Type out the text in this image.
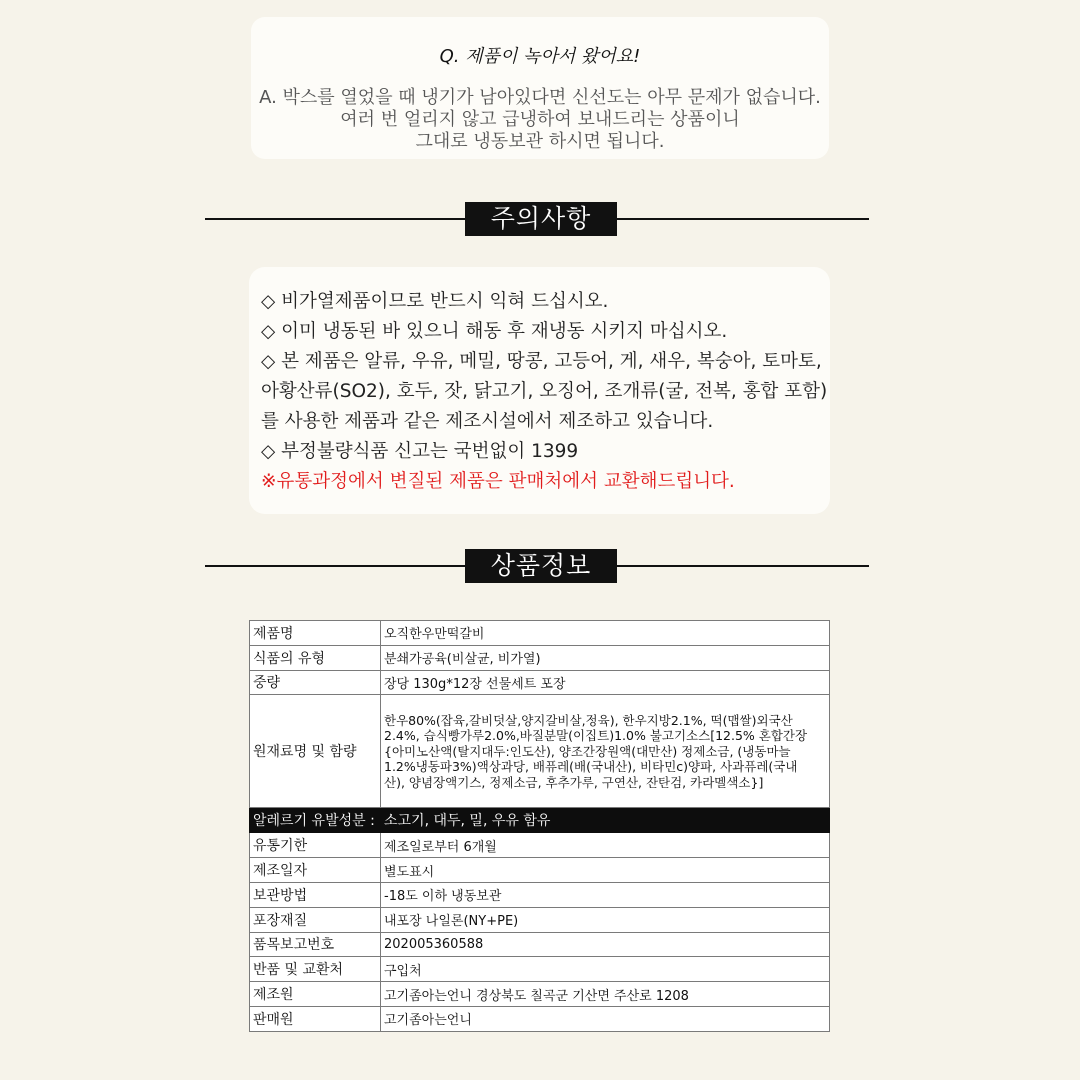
Q. 제품이 녹아서 왔어요!
A. 박스를 열었을 때 냉기가 남아있다면 신선도는 아무 문제가 없습니다.
여러 번 얼리지 않고 급냉하여 보내드리는 상품이니
그대로 냉동보관 하시면 됩니다.
주의사항
◇ 비가열제품이므로 반드시 익혀 드십시오.
◇ 이미 냉동된 바 있으니 해동 후 재냉동 시키지 마십시오.
◇ 본 제품은 알류, 우유, 메밀, 땅콩, 고등어, 게, 새우, 복숭아, 토마토,
아황산류(SO2), 호두, 잣, 닭고기, 오징어, 조개류(굴, 전복, 홍합 포함)
를 사용한 제품과 같은 제조시설에서 제조하고 있습니다.
◇ 부정불량식품 신고는 국번없이 1399
※유통과정에서 변질된 제품은 판매처에서 교환해드립니다.
상품정보
제품명	오직한우만떡갈비
식품의 유형	분쇄가공육(비살균, 비가열)
중량	장당 130g*12장 선물세트 포장
원재료명 및 함량	한우80%(잡육,갈비덧살,양지갈비살,정육), 한우지방2.1%, 떡(맵쌀)외국산2.4%, 습식빵가루2.0%,바질분말(이집트)1.0% 불고기소스[12.5% 혼합간장{아미노산액(탈지대두:인도산), 양조간장원액(대만산) 정제소금, (냉동마늘1.2%냉동파3%)액상과당, 배퓨레(배(국내산), 비타민c)양파, 사과퓨레(국내산), 양념장액기스, 정제소금, 후추가루, 구연산, 잔탄검, 카라멜색소}]
알레르기 유발성분 :	소고기, 대두, 밀, 우유 함유
유통기한	제조일로부터 6개월
제조일자	별도표시
보관방법	-18도 이하 냉동보관
포장재질	내포장 나일론(NY+PE)
품목보고번호	202005360588
반품 및 교환처	구입처
제조원	고기좀아는언니 경상북도 칠곡군 기산면 주산로 1208
판매원	고기좀아는언니
